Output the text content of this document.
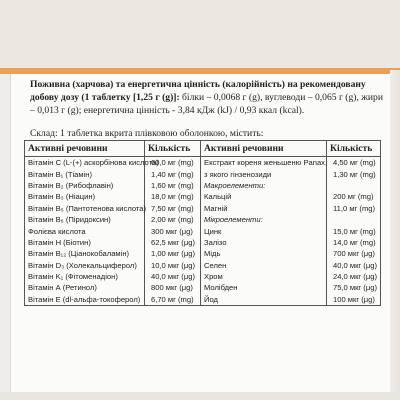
Поживна (харчова) та енергетична цінність (калорійність) на рекомендовану добову дозу (1 таблетку [1,25 г (g)]: білки – 0,0068 г (g), вуглеводи – 0,065 г (g), жири – 0,013 г (g); енергетична цінність - 3,84 кДж (kJ) / 0,93 ккал (kcal).
Склад: 1 таблетка вкрита плівковою оболонкою, містить:
Активні речовини	Кількість	Активні речовини	Кількість
Вітамін С (L-(+) аскорбінова кислота)	60,0 мг (mg)	Екстракт кореня женьшеню Panax,	4,50 мг (mg)
Вітамін B₁ (Тіамін)	1,40 мг (mg)	з якого гінзенозиди	1,30 мг (mg)
Вітамін B₂ (Рибофлавін)	1,60 мг (mg)	Макроелементи:	
Вітамін B₃ (Ніацин)	18,0 мг (mg)	Кальцій	200 мг (mg)
Вітамін B₅ (Пантотенова кислота)	7,50 мг (mg)	Магній	11,0 мг (mg)
Вітамін B₆ (Піридоксин)	2,00 мг (mg)	Мікроелементи:	
Фолієва кислота	300 мкг (μg)	Цинк	15,0 мг (mg)
Вітамін Н (Біотин)	62,5 мкг (μg)	Залізо	14,0 мг (mg)
Вітамін B₁₂ (Ціанокобаламін)	1,00 мкг (μg)	Мідь	700 мкг (μg)
Вітамін D₃ (Холекальциферол)	10,0 мкг (μg)	Селен	40,0 мкг (μg)
Вітамін K₁ (Фітоменадіон)	40,0 мкг (μg)	Хром	24,0 мкг (μg)
Вітамін А (Ретинол)	800 мкг (μg)	Молібден	75,0 мкг (μg)
Вітамін Е (dl-альфа-токоферол)	6,70 мг (mg)	Йод	100 мкг (μg)
